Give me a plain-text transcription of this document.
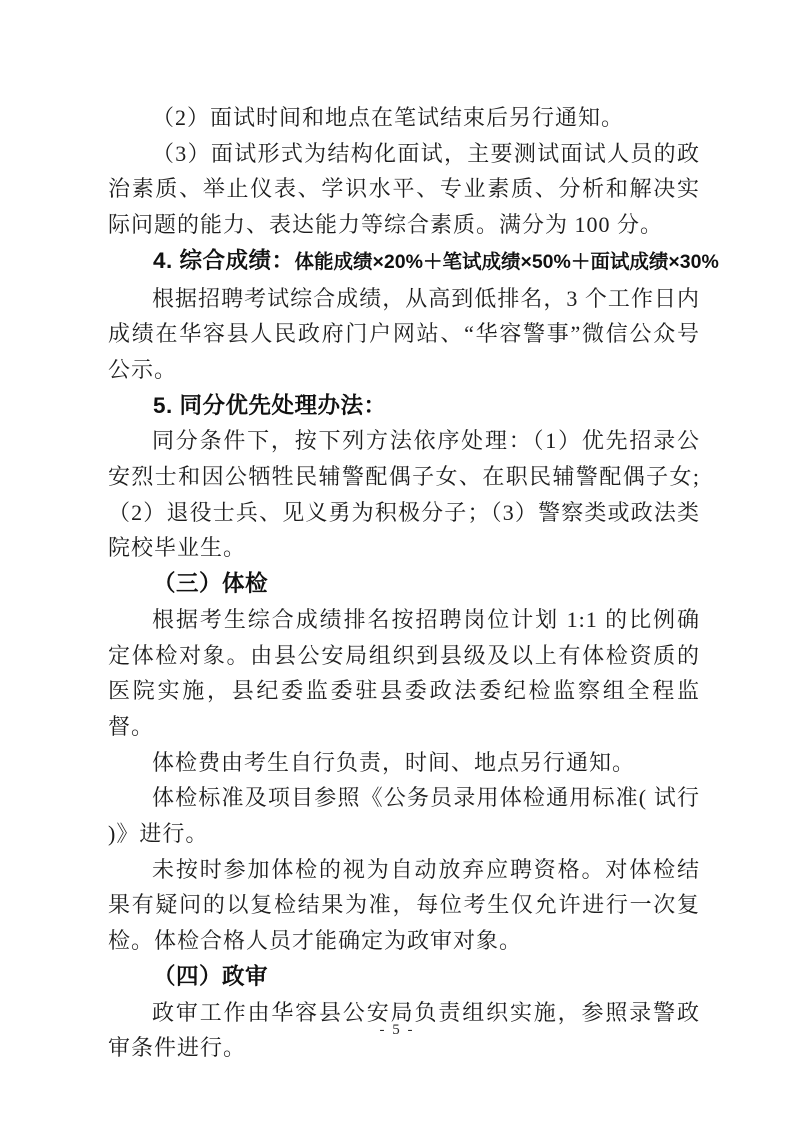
（2）面试时间和地点在笔试结束后另行通知。

（3）面试形式为结构化面试，主要测试面试人员的政治素质、举止仪表、学识水平、专业素质、分析和解决实际问题的能力、表达能力等综合素质。满分为 100 分。

4. 综合成绩：体能成绩×20%＋笔试成绩×50%＋面试成绩×30%

根据招聘考试综合成绩，从高到低排名，3 个工作日内成绩在华容县人民政府门户网站、“华容警事”微信公众号公示。

5. 同分优先处理办法：

同分条件下，按下列方法依序处理：（1）优先招录公安烈士和因公牺牲民辅警配偶子女、在职民辅警配偶子女;（2）退役士兵、见义勇为积极分子；（3）警察类或政法类院校毕业生。

（三）体检

根据考生综合成绩排名按招聘岗位计划 1:1 的比例确定体检对象。由县公安局组织到县级及以上有体检资质的医院实施，县纪委监委驻县委政法委纪检监察组全程监督。

体检费由考生自行负责，时间、地点另行通知。

体检标准及项目参照《公务员录用体检通用标准( 试行 )》进行。

未按时参加体检的视为自动放弃应聘资格。对体检结果有疑问的以复检结果为准，每位考生仅允许进行一次复检。体检合格人员才能确定为政审对象。

（四）政审

政审工作由华容县公安局负责组织实施，参照录警政审条件进行。

- 5 -
